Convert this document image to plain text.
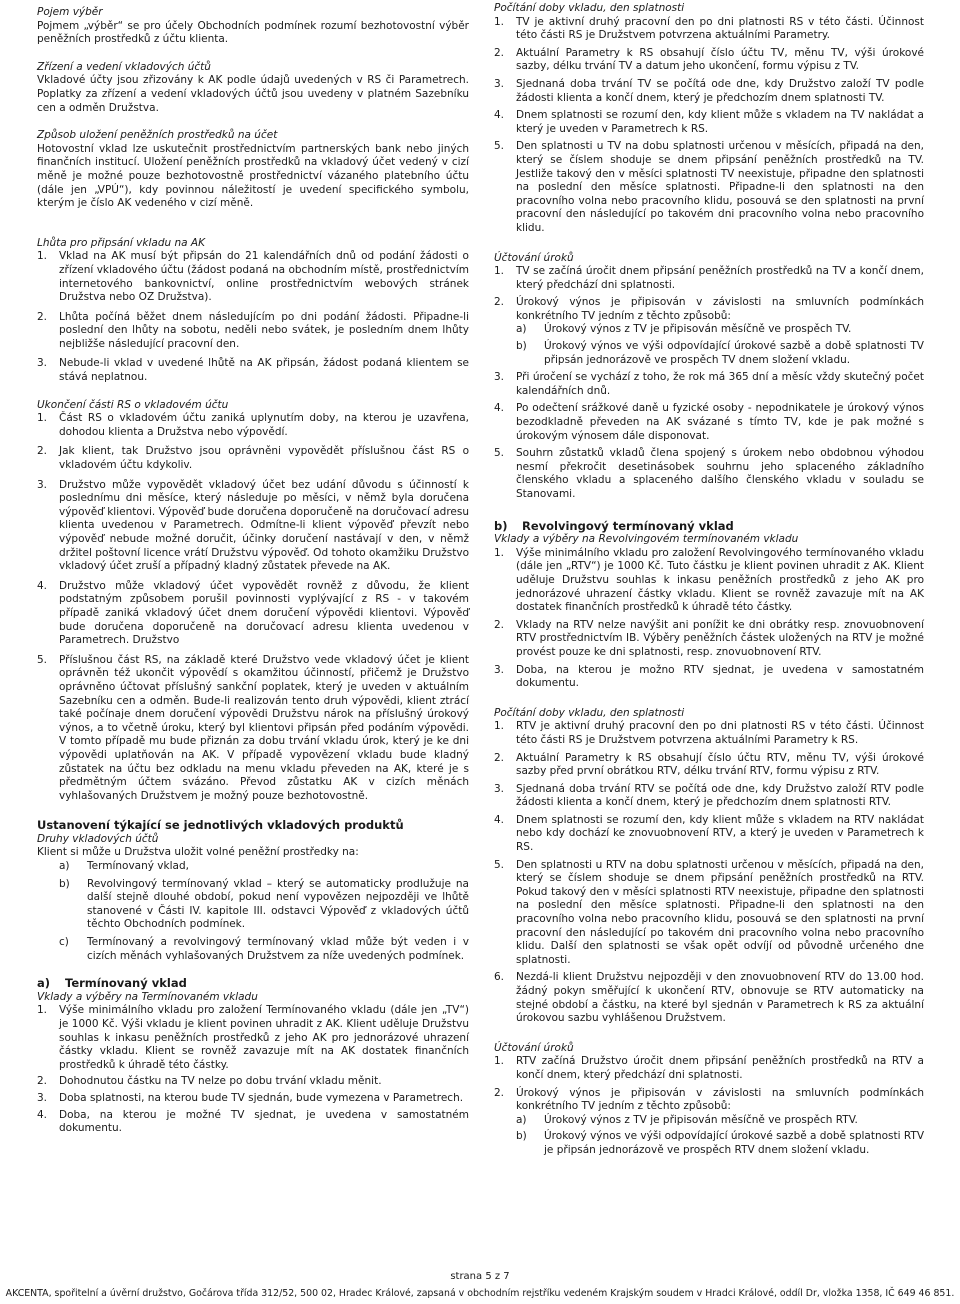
Pojem výběr
Pojmem „výběr“ se pro účely Obchodních podmínek rozumí bezhotovostní výběr peněžních prostředků z účtu klienta.
Zřízení a vedení vkladových účtů
Vkladové účty jsou zřizovány k AK podle údajů uvedených v RS či Parametrech. Poplatky za zřízení a vedení vkladových účtů jsou uvedeny v platném Sazebníku cen a odměn Družstva.
Způsob uložení peněžních prostředků na účet
Hotovostní vklad lze uskutečnit prostřednictvím partnerských bank nebo jiných finančních institucí. Uložení peněžních prostředků na vkladový účet vedený v cizí měně je možné pouze bezhotovostně prostřednictví vázaného platebního účtu (dále jen „VPÚ“), kdy povinnou náležitostí je uvedení specifického symbolu, kterým je číslo AK vedeného v cizí měně.
Lhůta pro připsání vkladu na AK
1. Vklad na AK musí být připsán do 21 kalendářních dnů od podání žádosti o zřízení vkladového účtu (žádost podaná na obchodním místě, prostřednictvím internetového bankovnictví, online prostřednictvím webových stránek Družstva nebo OZ Družstva).
2. Lhůta počíná běžet dnem následujícím po dni podání žádosti. Připadne-li poslední den lhůty na sobotu, neděli nebo svátek, je posledním dnem lhůty nejbližše následující pracovní den.
3. Nebude-li vklad v uvedené lhůtě na AK připsán, žádost podaná klientem se stává neplatnou.
Ukončení části RS o vkladovém účtu
1. Část RS o vkladovém účtu zaniká uplynutím doby, na kterou je uzavřena, dohodou klienta a Družstva nebo výpovědí.
2. Jak klient, tak Družstvo jsou oprávněni vypovědět příslušnou část RS o vkladovém účtu kdykoliv.
3. Družstvo může vypovědět vkladový účet bez udání důvodu s účinností k poslednímu dni měsíce, který následuje po měsíci, v němž byla doručena výpověď klientovi. Výpověď bude doručena doporučeně na doručovací adresu klienta uvedenou v Parametrech. Odmítne-li klient výpověď převzít nebo výpověď nebude možné doručit, účinky doručení nastávají v den, v němž držitel poštovní licence vrátí Družstvu výpověď. Od tohoto okamžiku Družstvo vkladový účet zruší a případný kladný zůstatek převede na AK.
4. Družstvo může vkladový účet vypovědět rovněž z důvodu, že klient podstatným způsobem porušil povinnosti vyplývající z RS - v takovém případě zaniká vkladový účet dnem doručení výpovědi klientovi. Výpověď bude doručena doporučeně na doručovací adresu klienta uvedenou v Parametrech. Družstvo
5. Příslušnou část RS, na základě které Družstvo vede vkladový účet je klient oprávněn též ukončit výpovědí s okamžitou účinností, přičemž je Družstvo oprávněno účtovat příslušný sankční poplatek, který je uveden v aktuálním Sazebníku cen a odměn. Bude-li realizován tento druh výpovědi, klient ztrácí také počínaje dnem doručení výpovědi Družstvu nárok na příslušný úrokový výnos, a to včetně úroku, který byl klientovi připsán před podáním výpovědi. V tomto případě mu bude přiznán za dobu trvání vkladu úrok, který je ke dni výpovědi uplatňován na AK. V případě vypovězení vkladu bude kladný zůstatek na účtu bez odkladu na menu vkladu převeden na AK, které je s předmětným účtem svázáno. Převod zůstatku AK v cizích měnách vyhlašovaných Družstvem je možný pouze bezhotovostně.
Ustanovení týkající se jednotlivých vkladových produktů
Druhy vkladových účtů
Klient si může u Družstva uložit volné peněžní prostředky na:
a) Termínovaný vklad,
b) Revolvingový termínovaný vklad – který se automaticky prodlužuje na další stejně dlouhé období, pokud není vypovězen nejpozději ve lhůtě stanovené v Části IV. kapitole III. odstavci Výpověď z vkladových účtů těchto Obchodních podmínek.
c) Termínovaný a revolvingový termínovaný vklad může být veden i v cizích měnách vyhlašovaných Družstvem za níže uvedených podmínek.
a) Termínovaný vklad
Vklady a výběry na Termínovaném vkladu
1. Výše minimálního vkladu pro založení Termínovaného vkladu (dále jen „TV“) je 1000 Kč. Výši vkladu je klient povinen uhradit z AK. Klient uděluje Družstvu souhlas k inkasu peněžních prostředků z jeho AK pro jednorázové uhrazení částky vkladu. Klient se rovněž zavazuje mít na AK dostatek finančních prostředků k úhradě této částky.
2. Dohodnutou částku na TV nelze po dobu trvání vkladu měnit.
3. Doba splatnosti, na kterou bude TV sjednán, bude vymezena v Parametrech.
4. Doba, na kterou je možné TV sjednat, je uvedena v samostatném dokumentu.
Počítání doby vkladu, den splatnosti
1. TV je aktivní druhý pracovní den po dni platnosti RS v této části. Účinnost této části RS je Družstvem potvrzena aktuálními Parametry.
2. Aktuální Parametry k RS obsahují číslo účtu TV, měnu TV, výši úrokové sazby, délku trvání TV a datum jeho ukončení, formu výpisu z TV.
3. Sjednaná doba trvání TV se počítá ode dne, kdy Družstvo založí TV podle žádosti klienta a končí dnem, který je předchozím dnem splatnosti TV.
4. Dnem splatnosti se rozumí den, kdy klient může s vkladem na TV nakládat a který je uveden v Parametrech k RS.
5. Den splatnosti u TV na dobu splatnosti určenou v měsících, připadá na den, který se číslem shoduje se dnem připsání peněžních prostředků na TV. Jestliže takový den v měsíci splatnosti TV neexistuje, připadne den splatnosti na poslední den měsíce splatnosti. Připadne-li den splatnosti na den pracovního volna nebo pracovního klidu, posouvá se den splatnosti na první pracovní den následující po takovém dni pracovního volna nebo pracovního klidu.
Účtování úroků
1. TV se začíná úročit dnem připsání peněžních prostředků na TV a končí dnem, který předchází dni splatnosti.
2. Úrokový výnos je připisován v závislosti na smluvních podmínkách konkrétního TV jedním z těchto způsobů:
a) Úrokový výnos z TV je připisován měsíčně ve prospěch TV.
b) Úrokový výnos ve výši odpovídající úrokové sazbě a době splatnosti TV připsán jednorázově ve prospěch TV dnem složení vkladu.
3. Při úročení se vychází z toho, že rok má 365 dní a měsíc vždy skutečný počet kalendářních dnů.
4. Po odečtení srážkové daně u fyzické osoby - nepodnikatele je úrokový výnos bezodkladně převeden na AK svázané s tímto TV, kde je pak možné s úrokovým výnosem dále disponovat.
5. Souhrn zůstatků vkladů člena spojený s úrokem nebo obdobnou výhodou nesmí překročit desetinásobek souhrnu jeho splaceného základního členského vkladu a splaceného dalšího členského vkladu v souladu se Stanovami.
b) Revolvingový termínovaný vklad
Vklady a výběry na Revolvingovém termínovaném vkladu
1. Výše minimálního vkladu pro založení Revolvingového termínovaného vkladu (dále jen „RTV“) je 1000 Kč. Tuto částku je klient povinen uhradit z AK. Klient uděluje Družstvu souhlas k inkasu peněžních prostředků z jeho AK pro jednorázové uhrazení částky vkladu. Klient se rovněž zavazuje mít na AK dostatek finančních prostředků k úhradě této částky.
2. Vklady na RTV nelze navýšit ani ponížit ke dni obrátky resp. znovuobnovení RTV prostřednictvím IB. Výběry peněžních částek uložených na RTV je možné provést pouze ke dni splatnosti, resp. znovuobnovení RTV.
3. Doba, na kterou je možno RTV sjednat, je uvedena v samostatném dokumentu.
Počítání doby vkladu, den splatnosti
1. RTV je aktivní druhý pracovní den po dni platnosti RS v této části. Účinnost této části RS je Družstvem potvrzena aktuálními Parametry k RS.
2. Aktuální Parametry k RS obsahují číslo účtu RTV, měnu TV, výši úrokové sazby před první obrátkou RTV, délku trvání RTV, formu výpisu z RTV.
3. Sjednaná doba trvání RTV se počítá ode dne, kdy Družstvo založí RTV podle žádosti klienta a končí dnem, který je předchozím dnem splatnosti RTV.
4. Dnem splatnosti se rozumí den, kdy klient může s vkladem na RTV nakládat nebo kdy dochází ke znovuobnovení RTV, a který je uveden v Parametrech k RS.
5. Den splatnosti u RTV na dobu splatnosti určenou v měsících, připadá na den, který se číslem shoduje se dnem připsání peněžních prostředků na RTV. Pokud takový den v měsíci splatnosti RTV neexistuje, připadne den splatnosti na poslední den měsíce splatnosti. Připadne-li den splatnosti na den pracovního volna nebo pracovního klidu, posouvá se den splatnosti na první pracovní den následující po takovém dni pracovního volna nebo pracovního klidu. Další den splatnosti se však opět odvíjí od původně určeného dne splatnosti.
6. Nezdá-li klient Družstvu nejpozději v den znovuobnovení RTV do 13.00 hod. žádný pokyn směřující k ukončení RTV, obnovuje se RTV automaticky na stejné období a částku, na které byl sjednán v Parametrech k RS za aktuální úrokovou sazbu vyhlášenou Družstvem.
Účtování úroků
1. RTV začíná Družstvo úročit dnem připsání peněžních prostředků na RTV a končí dnem, který předchází dni splatnosti.
2. Úrokový výnos je připisován v závislosti na smluvních podmínkách konkrétního TV jedním z těchto způsobů:
a) Úrokový výnos z TV je připisován měsíčně ve prospěch RTV.
b) Úrokový výnos ve výši odpovídající úrokové sazbě a době splatnosti RTV je připsán jednorázově ve prospěch RTV dnem složení vkladu.
strana 5 z 7
AKCENTA, spořitelní a úvěrní družstvo, Gočárova třída 312/52, 500 02, Hradec Králové, zapsaná v obchodním rejstříku vedeném Krajským soudem v Hradci Králové, oddíl Dr, vložka 1358, IČ 649 46 851.
